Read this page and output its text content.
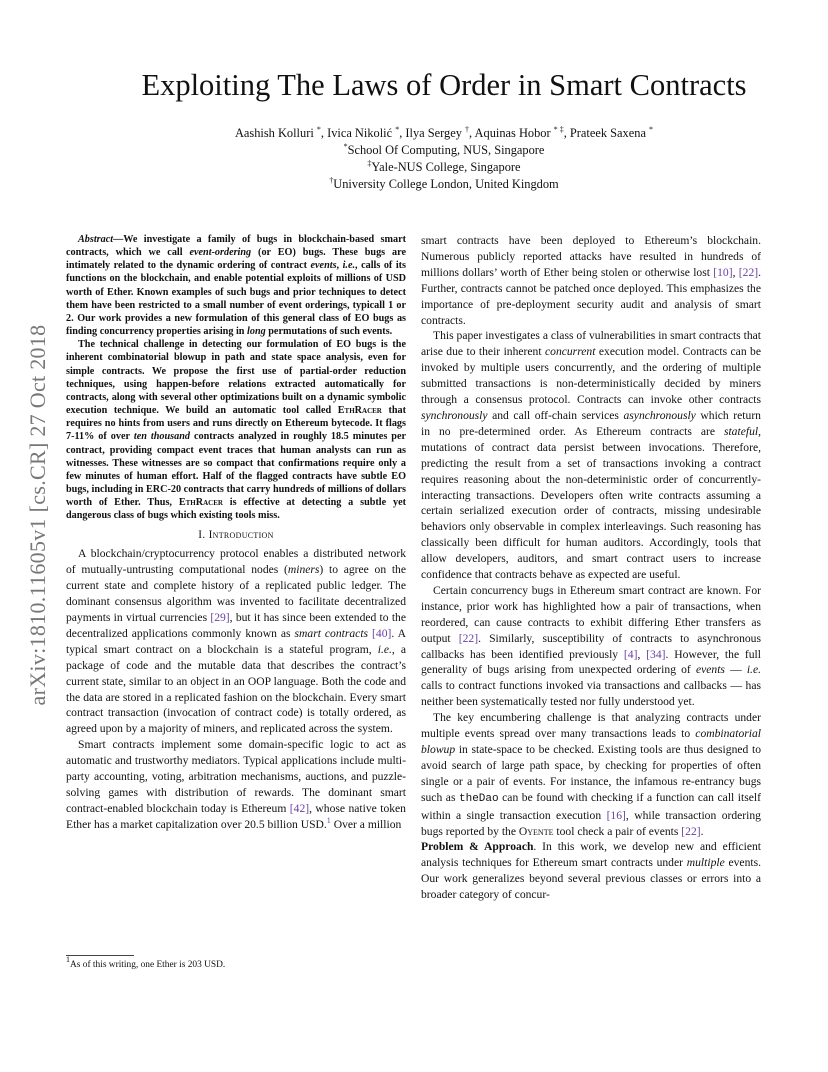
arXiv:1810.11605v1 [cs.CR] 27 Oct 2018
Exploiting The Laws of Order in Smart Contracts
Aashish Kolluri *, Ivica Nikolić *, Ilya Sergey †, Aquinas Hobor * ‡, Prateek Saxena *
*School Of Computing, NUS, Singapore
‡Yale-NUS College, Singapore
†University College London, United Kingdom

Abstract—We investigate a family of bugs in blockchain-based smart contracts, which we call event-ordering (or EO) bugs. These bugs are intimately related to the dynamic ordering of contract events, i.e., calls of its functions on the blockchain, and enable potential exploits of millions of USD worth of Ether. Known examples of such bugs and prior techniques to detect them have been restricted to a small number of event orderings, typicall 1 or 2. Our work provides a new formulation of this general class of EO bugs as finding concurrency properties arising in long permutations of such events.

The technical challenge in detecting our formulation of EO bugs is the inherent combinatorial blowup in path and state space analysis, even for simple contracts. We propose the first use of partial-order reduction techniques, using happen-before relations extracted automatically for contracts, along with several other optimizations built on a dynamic symbolic execution technique. We build an automatic tool called EthRacer that requires no hints from users and runs directly on Ethereum bytecode. It flags 7-11% of over ten thousand contracts analyzed in roughly 18.5 minutes per contract, providing compact event traces that human analysts can run as witnesses. These witnesses are so compact that confirmations require only a few minutes of human effort. Half of the flagged contracts have subtle EO bugs, including in ERC-20 contracts that carry hundreds of millions of dollars worth of Ether. Thus, EthRacer is effective at detecting a subtle yet dangerous class of bugs which existing tools miss.

I. Introduction

A blockchain/cryptocurrency protocol enables a distributed network of mutually-untrusting computational nodes (miners) to agree on the current state and complete history of a replicated public ledger. The dominant consensus algorithm was invented to facilitate decentralized payments in virtual currencies [29], but it has since been extended to the decentralized applications commonly known as smart contracts [40]. A typical smart contract on a blockchain is a stateful program, i.e., a package of code and the mutable data that describes the contract’s current state, similar to an object in an OOP language. Both the code and the data are stored in a replicated fashion on the blockchain. Every smart contract transaction (invocation of contract code) is totally ordered, as agreed upon by a majority of miners, and replicated across the system.

Smart contracts implement some domain-specific logic to act as automatic and trustworthy mediators. Typical applications include multi-party accounting, voting, arbitration mechanisms, auctions, and puzzle-solving games with distribution of rewards. The dominant smart contract-enabled blockchain today is Ethereum [42], whose native token Ether has a market capitalization over 20.5 billion USD.$^1$ Over a million

$^1$As of this writing, one Ether is 203 USD.

smart contracts have been deployed to Ethereum’s blockchain. Numerous publicly reported attacks have resulted in hundreds of millions dollars’ worth of Ether being stolen or otherwise lost [10], [22]. Further, contracts cannot be patched once deployed. This emphasizes the importance of pre-deployment security audit and analysis of smart contracts.

This paper investigates a class of vulnerabilities in smart contracts that arise due to their inherent concurrent execution model. Contracts can be invoked by multiple users concurrently, and the ordering of multiple submitted transactions is non-deterministically decided by miners through a consensus protocol. Contracts can invoke other contracts synchronously and call off-chain services asynchronously which return in no pre-determined order. As Ethereum contracts are stateful, mutations of contract data persist between invocations. Therefore, predicting the result from a set of transactions invoking a contract requires reasoning about the non-deterministic order of concurrently-interacting transactions. Developers often write contracts assuming a certain serialized execution order of contracts, missing undesirable behaviors only observable in complex interleavings. Such reasoning has classically been difficult for human auditors. Accordingly, tools that allow developers, auditors, and smart contract users to increase confidence that contracts behave as expected are useful.

Certain concurrency bugs in Ethereum smart contract are known. For instance, prior work has highlighted how a pair of transactions, when reordered, can cause contracts to exhibit differing Ether transfers as output [22]. Similarly, susceptibility of contracts to asynchronous callbacks has been identified previously [4], [34]. However, the full generality of bugs arising from unexpected ordering of events — i.e. calls to contract functions invoked via transactions and callbacks — has neither been systematically tested nor fully understood yet.

The key encumbering challenge is that analyzing contracts under multiple events spread over many transactions leads to combinatorial blowup in state-space to be checked. Existing tools are thus designed to avoid search of large path space, by checking for properties of often single or a pair of events. For instance, the infamous re-entrancy bugs such as theDao can be found with checking if a function can call itself within a single transaction execution [16], while transaction ordering bugs reported by the Oyente tool check a pair of events [22].

Problem & Approach. In this work, we develop new and efficient analysis techniques for Ethereum smart contracts under multiple events. Our work generalizes beyond several previous classes or errors into a broader category of concur-
